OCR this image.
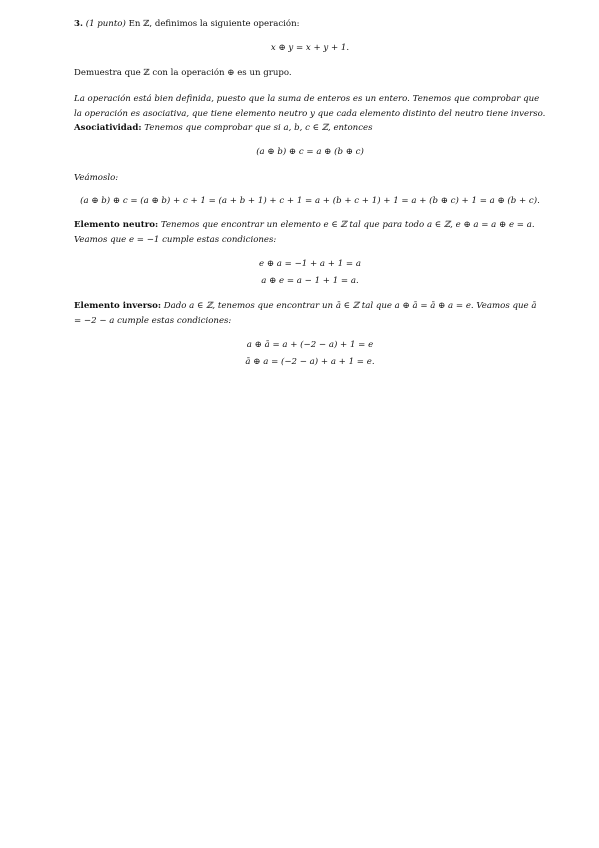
3. (1 punto) En ℤ, definimos la siguiente operación:

x ⊕ y = x + y + 1.

Demuestra que ℤ con la operación ⊕ es un grupo.

La operación está bien definida, puesto que la suma de enteros es un entero. Tenemos que comprobar que la operación es asociativa, que tiene elemento neutro y que cada elemento distinto del neutro tiene inverso.

Asociatividad: Tenemos que comprobar que si a, b, c ∈ ℤ, entonces

(a ⊕ b) ⊕ c = a ⊕ (b ⊕ c)

Veámoslo:

(a ⊕ b) ⊕ c = (a ⊕ b) + c + 1 = (a + b + 1) + c + 1 = a + (b + c + 1) + 1 = a + (b ⊕ c) + 1 = a ⊕ (b + c).

Elemento neutro: Tenemos que encontrar un elemento e ∈ ℤ tal que para todo a ∈ ℤ, e ⊕ a = a ⊕ e = a. Veamos que e = −1 cumple estas condiciones:

e ⊕ a = −1 + a + 1 = a

a ⊕ e = a − 1 + 1 = a.

Elemento inverso: Dado a ∈ ℤ, tenemos que encontrar un ā ∈ ℤ tal que a ⊕ ā = ā ⊕ a = e. Veamos que ā = −2 − a cumple estas condiciones:

a ⊕ ā = a + (−2 − a) + 1 = e

ā ⊕ a = (−2 − a) + a + 1 = e.
